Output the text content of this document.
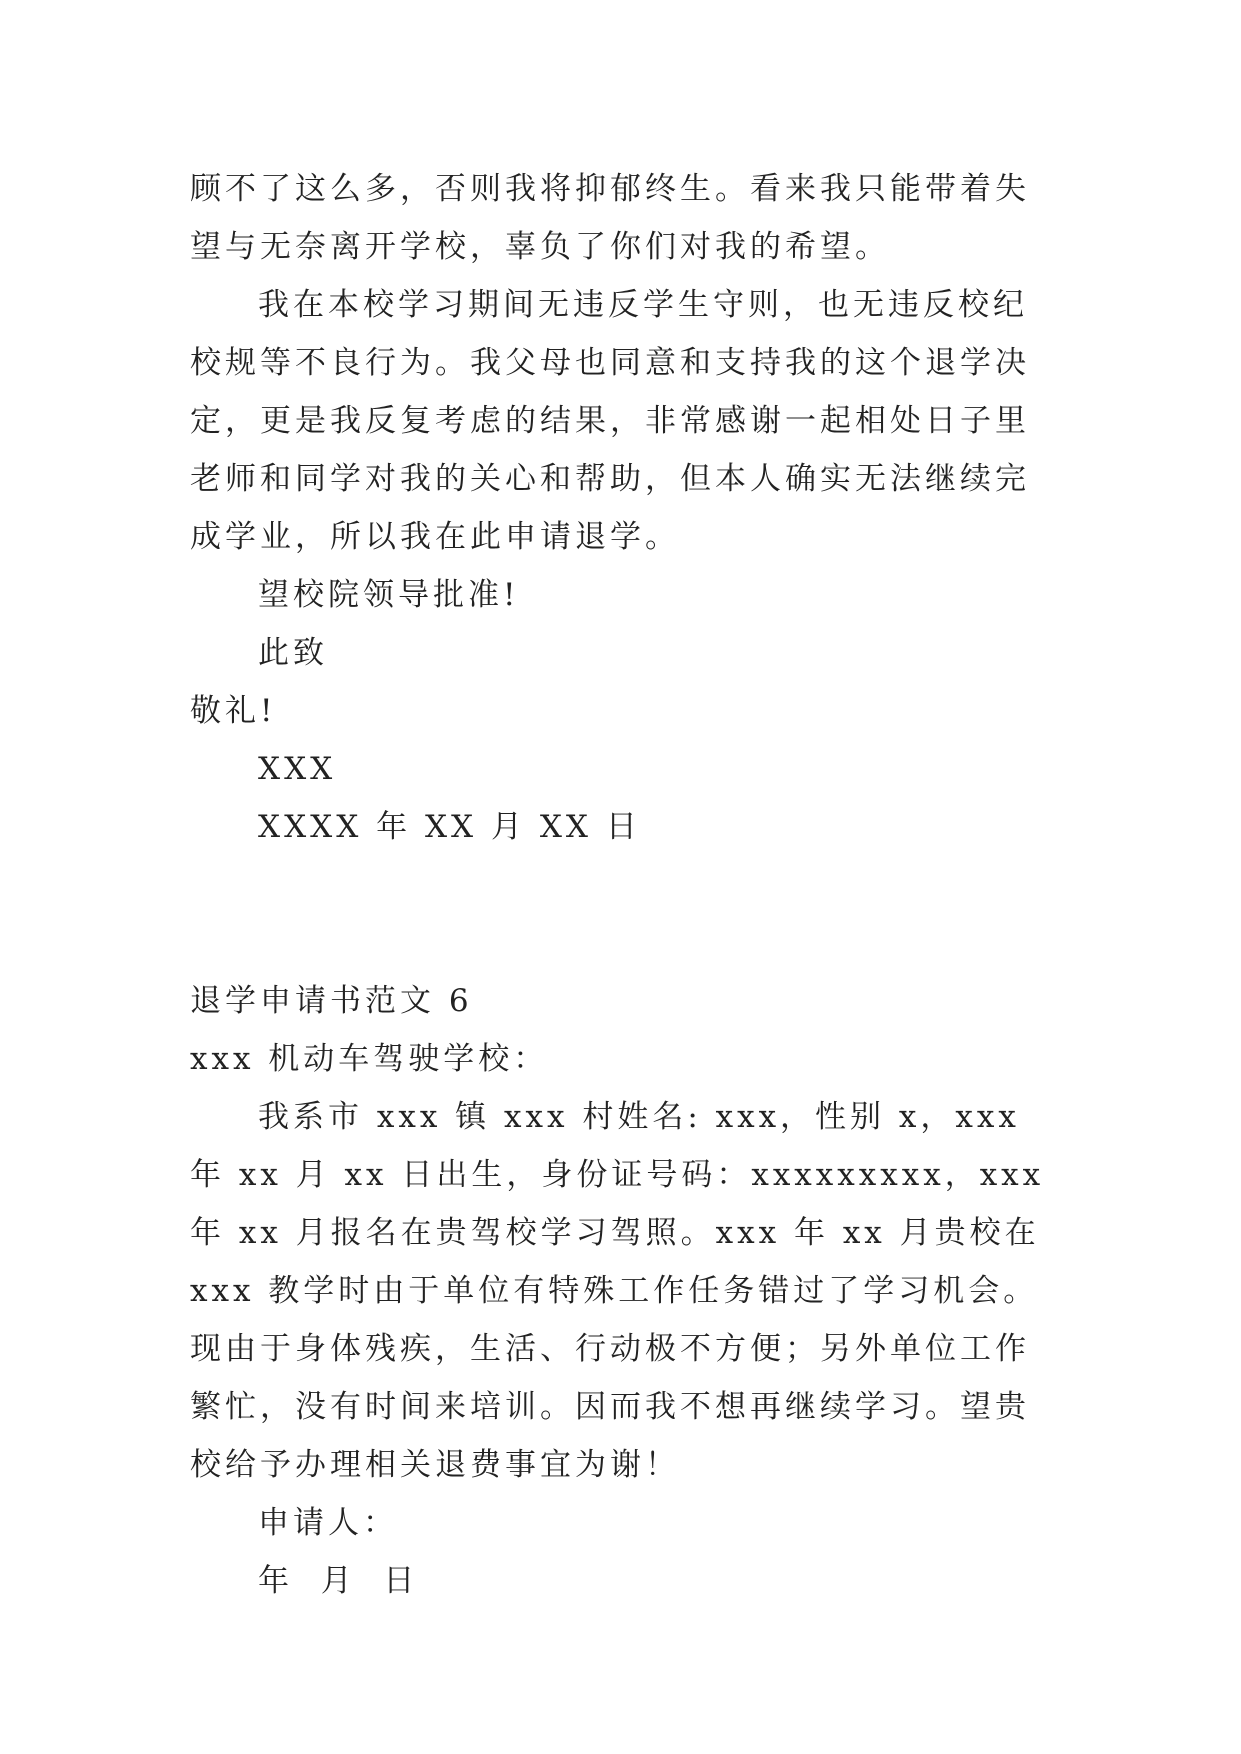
顾不了这么多，否则我将抑郁终生。看来我只能带着失望与无奈离开学校，辜负了你们对我的希望。

我在本校学习期间无违反学生守则，也无违反校纪校规等不良行为。我父母也同意和支持我的这个退学决定，更是我反复考虑的结果，非常感谢一起相处日子里老师和同学对我的关心和帮助，但本人确实无法继续完成学业，所以我在此申请退学。

望校院领导批准!

此致

敬礼!

XXX

XXXX 年 XX 月 XX 日

退学申请书范文 6

xxx 机动车驾驶学校：

我系市 xxx 镇 xxx 村姓名: xxx，性别 x，xxx 年 xx 月 xx 日出生，身份证号码：xxxxxxxxx，xxx 年 xx 月报名在贵驾校学习驾照。xxx 年 xx 月贵校在 xxx 教学时由于单位有特殊工作任务错过了学习机会。现由于身体残疾，生活、行动极不方便；另外单位工作繁忙，没有时间来培训。因而我不想再继续学习。望贵校给予办理相关退费事宜为谢！

申请人：

年  月  日
